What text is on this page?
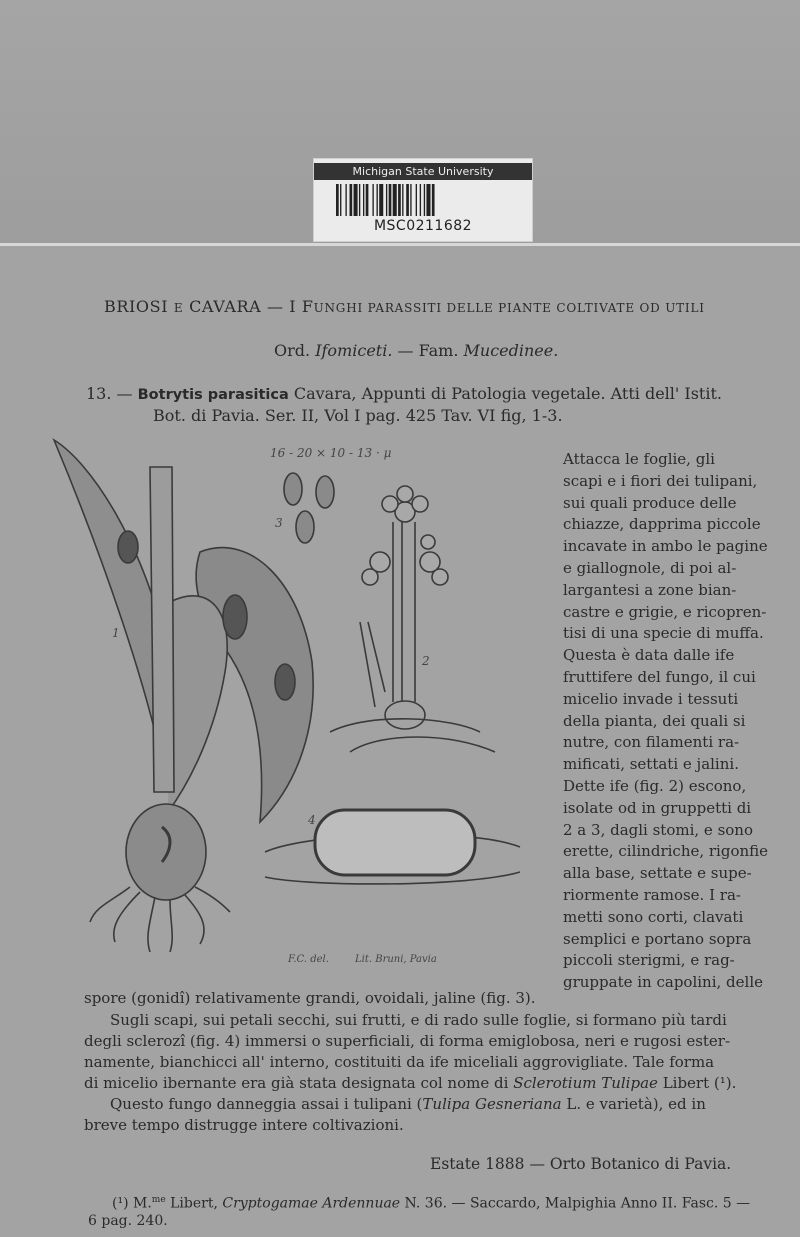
Michigan State University
MSC0211682
BRIOSI E CAVARA — I FUNGHI PARASSITI DELLE PIANTE COLTIVATE OD UTILI
Ord. Ifomiceti. — Fam. Mucedinee.
13. — Botrytis parasitica Cavara, Appunti di Patologia vegetale. Atti dell' Istit.
Bot. di Pavia. Ser. II, Vol I pag. 425 Tav. VI fig, 1-3.
16 - 20 × 10 - 13 · μ
1
2
3
4
F.C. del.	Lit. Bruni, Pavia
Attacca le foglie, gli
scapi e i fiori dei tulipani,
sui quali produce delle
chiazze, dapprima piccole
incavate in ambo le pagine
e giallognole, di poi al-
largantesi a zone bian-
castre e grigie, e ricopren-
tisi di una specie di muffa.
Questa è data dalle ife
fruttifere del fungo, il cui
micelio invade i tessuti
della pianta, dei quali si
nutre, con filamenti ra-
mificati, settati e jalini.
Dette ife (fig. 2) escono,
isolate od in gruppetti di
2 a 3, dagli stomi, e sono
erette, cilindriche, rigonfie
alla base, settate e supe-
riormente ramose. I ra-
metti sono corti, clavati
semplici e portano sopra
piccoli sterigmi, e rag-
gruppate in capolini, delle
spore (gonidî) relativamente grandi, ovoidali, jaline (fig. 3).
Sugli scapi, sui petali secchi, sui frutti, e di rado sulle foglie, si formano più tardi
degli sclerozî (fig. 4) immersi o superficiali, di forma emiglobosa, neri e rugosi ester-
namente, bianchicci all' interno, costituiti da ife miceliali aggrovigliate. Tale forma
di micelio ibernante era già stata designata col nome di Sclerotium Tulipae Libert (¹).
Questo fungo danneggia assai i tulipani (Tulipa Gesneriana L. e varietà), ed in
breve tempo distrugge intere coltivazioni.
Estate 1888 — Orto Botanico di Pavia.
(¹) M.$^{me}$ Libert, Cryptogamae Ardennuae N. 36. — Saccardo, Malpighia Anno II. Fasc. 5 —
6 pag. 240.
